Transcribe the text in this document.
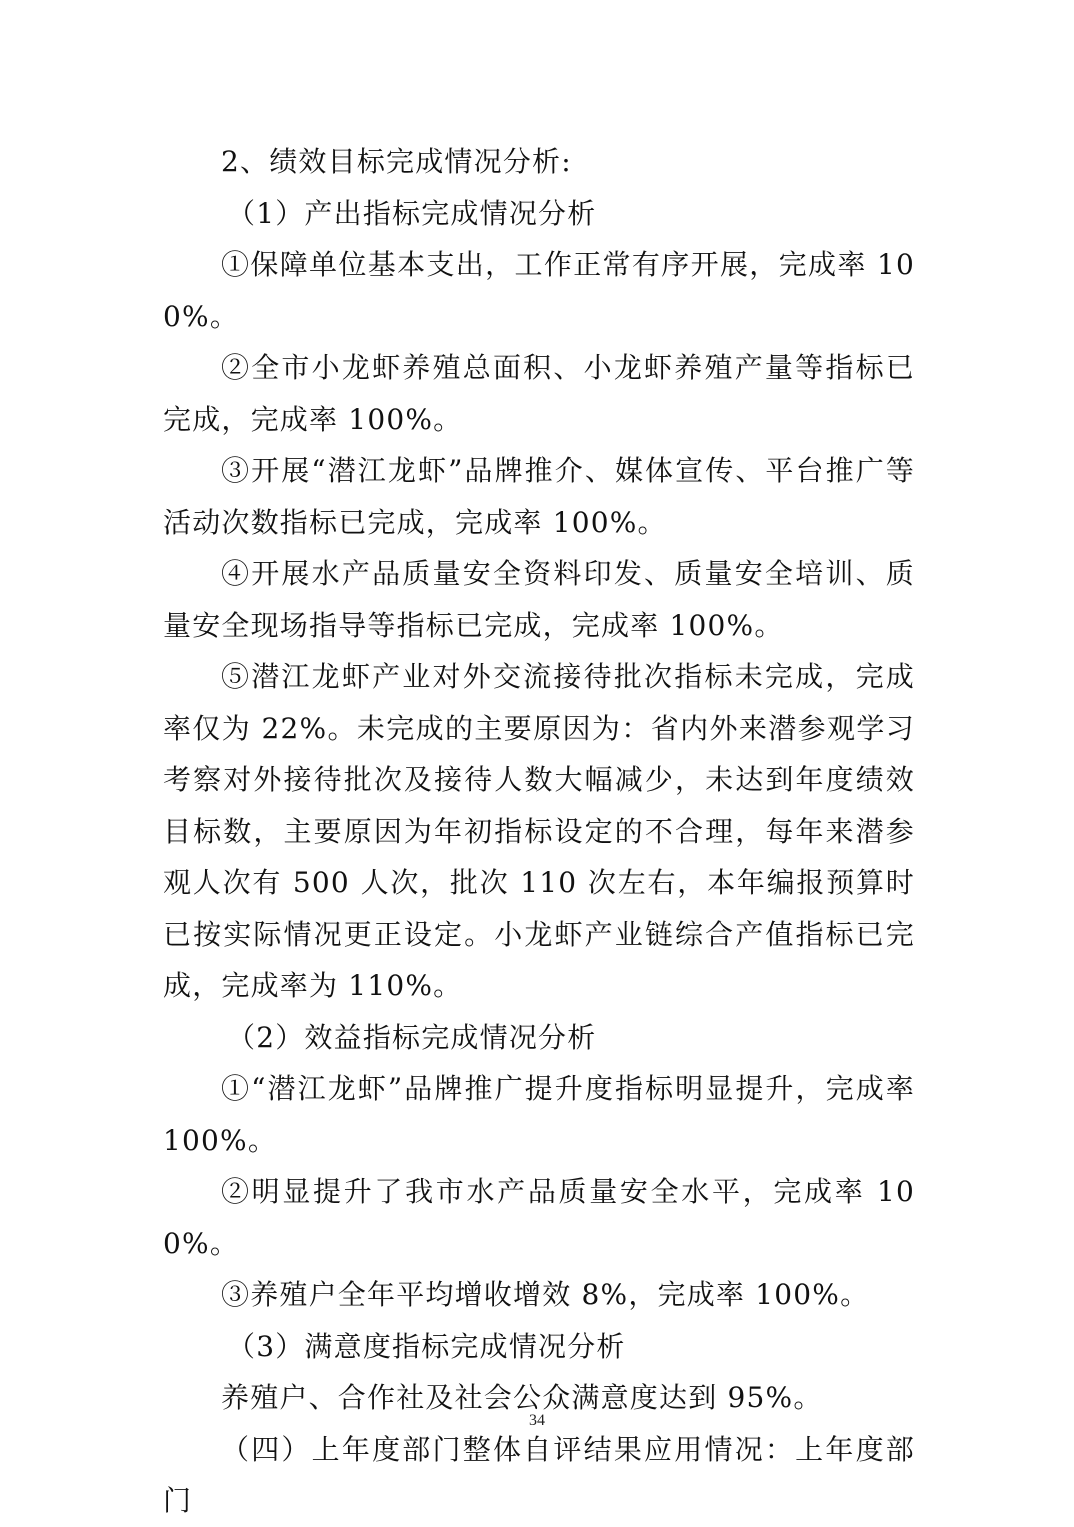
2、绩效目标完成情况分析:

（1）产出指标完成情况分析

①保障单位基本支出，工作正常有序开展，完成率 100%。

②全市小龙虾养殖总面积、小龙虾养殖产量等指标已完成，完成率 100%。

③开展“潜江龙虾”品牌推介、媒体宣传、平台推广等活动次数指标已完成，完成率 100%。

④开展水产品质量安全资料印发、质量安全培训、质量安全现场指导等指标已完成，完成率 100%。

⑤潜江龙虾产业对外交流接待批次指标未完成，完成率仅为 22%。未完成的主要原因为：省内外来潜参观学习考察对外接待批次及接待人数大幅减少，未达到年度绩效目标数，主要原因为年初指标设定的不合理，每年来潜参观人次有 500 人次，批次 110 次左右，本年编报预算时已按实际情况更正设定。小龙虾产业链综合产值指标已完成，完成率为 110%。

（2）效益指标完成情况分析

①“潜江龙虾”品牌推广提升度指标明显提升，完成率 100%。

②明显提升了我市水产品质量安全水平，完成率 100%。

③养殖户全年平均增收增效 8%，完成率 100%。

（3）满意度指标完成情况分析

养殖户、合作社及社会公众满意度达到 95%。

（四）上年度部门整体自评结果应用情况：上年度部门

34
